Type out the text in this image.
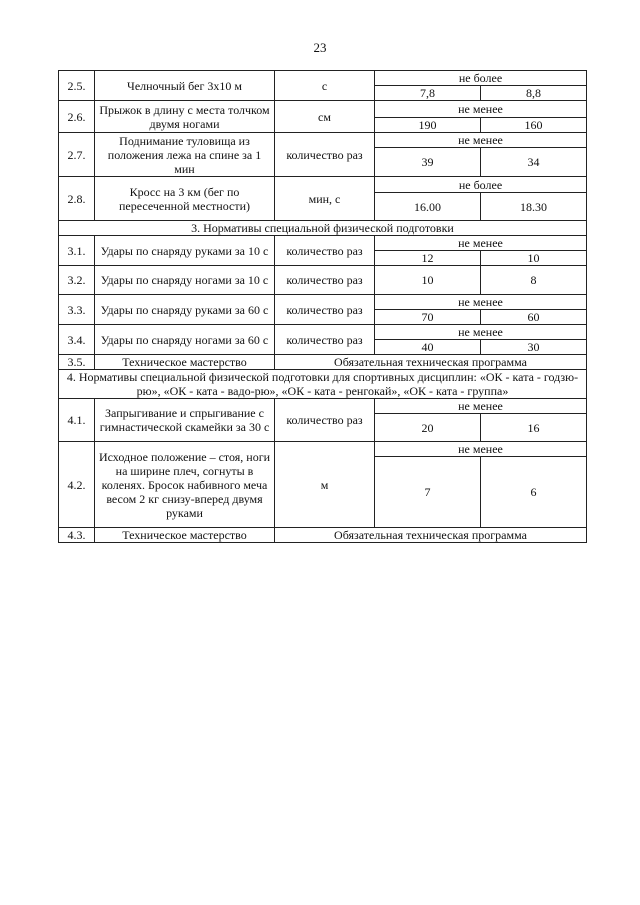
23
2.5.	Челночный бег 3х10 м	с	не более	
			7,8	8,8
2.6.	Прыжок в длину с места толчком двумя ногами	см	не менее	
			190	160
2.7.	Поднимание туловища из положения лежа на спине за 1 мин	количество раз	не менее	
			39	34
2.8.	Кросс на 3 км (бег по пересеченной местности)	мин, с	не более	
			16.00	18.30
3. Нормативы специальной физической подготовки				
3.1.	Удары по снаряду руками за 10 с	количество раз	не менее	
			12	10
3.2.	Удары по снаряду ногами за 10 с	количество раз	10	8
3.3.	Удары по снаряду руками за 60 с	количество раз	не менее	
			70	60
3.4.	Удары по снаряду ногами за 60 с	количество раз	не менее	
			40	30
3.5.	Техническое мастерство	Обязательная техническая программа		
4. Нормативы специальной физической подготовки для спортивных дисциплин: «ОК - ката - годзю-рю», «ОК - ката - вадо-рю», «ОК - ката - ренгокай», «ОК - ката - группа»				
4.1.	Запрыгивание и спрыгивание с гимнастической скамейки за 30 с	количество раз	не менее	
			20	16
4.2.	Исходное положение – стоя, ноги на ширине плеч, согнуты в коленях. Бросок набивного меча весом 2 кг снизу-вперед двумя руками	м	не менее	
			7	6
4.3.	Техническое мастерство	Обязательная техническая программа		
